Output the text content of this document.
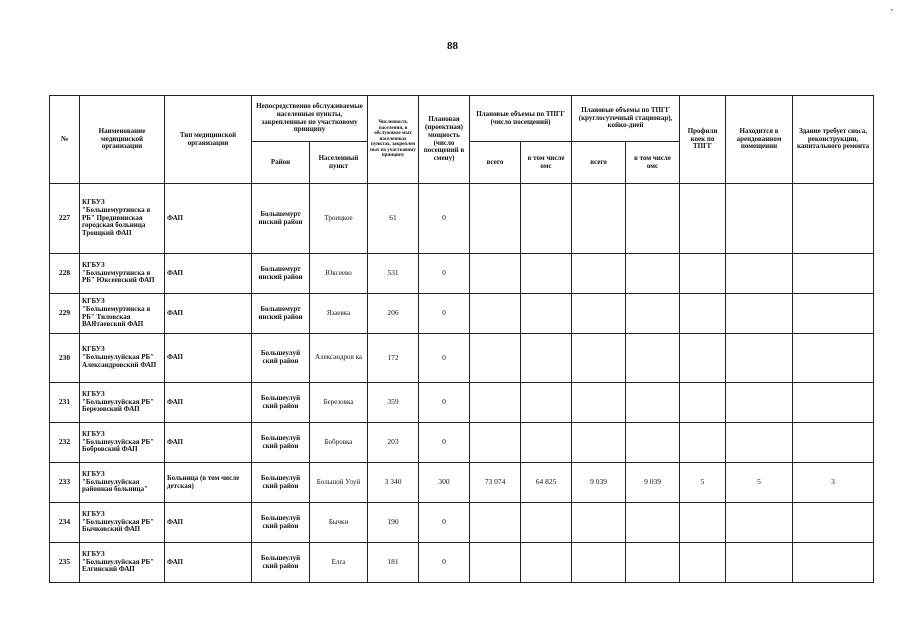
,
88
№	Наименование медицинской организации	Тип медицинской организации	Непосредственно обслуживаемые населенные пункты, закрепленные по участковому принципу		Численность населения, в обслуживае мых населенных пунктах, закреплен ных по участковому принципу	Плановая (проектная) мощность (число посещений в смену)	Плановые объемы по ТПГГ (число посещений)		Плановые объемы по ТПГГ (круглосуточный стационар), койко-дней		Профили коек по ТПГГ	Находится в арендованном помещении	Здание требует сноса, реконструкции, капитального ремонта
			Район	Населенный пункт			всего	в том числе омс	всего	в том числе омс			
227	КГБУЗ "Большемуртинска я РБ" Предивинская городская больница Троицкий ФАП	ФАП	Большемурт инский район	Троицкое	61	0							
228	КГБУЗ "Большемуртинска я РБ" Юксеевский ФАП	ФАП	Большемурт инский район	Юксеево	531	0							
229	КГБУЗ "Большемуртинска я РБ" Тиловская ВАЯтаевский ФАП	ФАП	Большемурт инский район	Язаевка	206	0							
230	КГБУЗ "Большеулуйская РБ" Александровский ФАП	ФАП	Большеулуй ский район	Александров ка	172	0							
231	КГБУЗ "Большеулуйская РБ" Березовский ФАП	ФАП	Большеулуй ский район	Березовка	359	0							
232	КГБУЗ "Большеулуйская РБ" Бобровский ФАП	ФАП	Большеулуй ский район	Бобровка	203	0							
233	КГБУЗ "Большеулуйская районная больница"	Больница (в том числе детская)	Большеулуй ский район	Большой Улуй	3 340	300	73 074	64 825	9 039	9 039	5	5	3
234	КГБУЗ "Большеулуйская РБ" Бычковский ФАП	ФАП	Большеулуй ский район	Бычки	190	0							
235	КГБУЗ "Большеулуйская РБ" Елгинский ФАП	ФАП	Большеулуй ский район	Елга	181	0							
